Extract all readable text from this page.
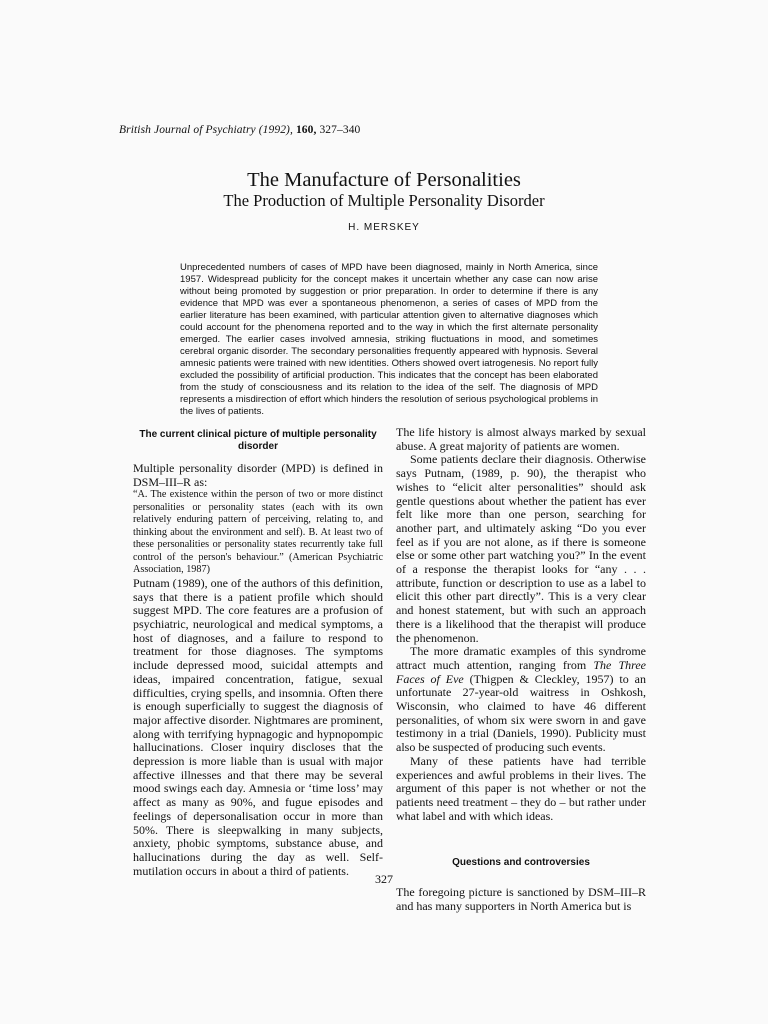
British Journal of Psychiatry (1992), 160, 327–340
The Manufacture of Personalities
The Production of Multiple Personality Disorder
H. MERSKEY
Unprecedented numbers of cases of MPD have been diagnosed, mainly in North America, since 1957. Widespread publicity for the concept makes it uncertain whether any case can now arise without being promoted by suggestion or prior preparation. In order to determine if there is any evidence that MPD was ever a spontaneous phenomenon, a series of cases of MPD from the earlier literature has been examined, with particular attention given to alternative diagnoses which could account for the phenomena reported and to the way in which the first alternate personality emerged. The earlier cases involved amnesia, striking fluctuations in mood, and sometimes cerebral organic disorder. The secondary personalities frequently appeared with hypnosis. Several amnesic patients were trained with new identities. Others showed overt iatrogenesis. No report fully excluded the possibility of artificial production. This indicates that the concept has been elaborated from the study of consciousness and its relation to the idea of the self. The diagnosis of MPD represents a misdirection of effort which hinders the resolution of serious psychological problems in the lives of patients.
The current clinical picture of multiple personality disorder

Multiple personality disorder (MPD) is defined in DSM–III–R as:

“A. The existence within the person of two or more distinct personalities or personality states (each with its own relatively enduring pattern of perceiving, relating to, and thinking about the environment and self). B. At least two of these personalities or personality states recurrently take full control of the person's behaviour.” (American Psychiatric Association, 1987)

Putnam (1989), one of the authors of this definition, says that there is a patient profile which should suggest MPD. The core features are a profusion of psychiatric, neurological and medical symptoms, a host of diagnoses, and a failure to respond to treatment for those diagnoses. The symptoms include depressed mood, suicidal attempts and ideas, impaired concentration, fatigue, sexual difficulties, crying spells, and insomnia. Often there is enough superficially to suggest the diagnosis of major affective disorder. Nightmares are prominent, along with terrifying hypnagogic and hypnopompic hallucinations. Closer inquiry discloses that the depression is more liable than is usual with major affective illnesses and that there may be several mood swings each day. Amnesia or ‘time loss’ may affect as many as 90%, and fugue episodes and feelings of depersonalisation occur in more than 50%. There is sleepwalking in many subjects, anxiety, phobic symptoms, substance abuse, and hallucinations during the day as well. Self-mutilation occurs in about a third of patients.

The life history is almost always marked by sexual abuse. A great majority of patients are women.

Some patients declare their diagnosis. Otherwise says Putnam, (1989, p. 90), the therapist who wishes to “elicit alter personalities” should ask gentle questions about whether the patient has ever felt like more than one person, searching for another part, and ultimately asking “Do you ever feel as if you are not alone, as if there is someone else or some other part watching you?” In the event of a response the therapist looks for “any . . . attribute, function or description to use as a label to elicit this other part directly”. This is a very clear and honest statement, but with such an approach there is a likelihood that the therapist will produce the phenomenon.

The more dramatic examples of this syndrome attract much attention, ranging from The Three Faces of Eve (Thigpen & Cleckley, 1957) to an unfortunate 27-year-old waitress in Oshkosh, Wisconsin, who claimed to have 46 different personalities, of whom six were sworn in and gave testimony in a trial (Daniels, 1990). Publicity must also be suspected of producing such events.

Many of these patients have had terrible experiences and awful problems in their lives. The argument of this paper is not whether or not the patients need treatment – they do – but rather under what label and with which ideas.

Questions and controversies

The foregoing picture is sanctioned by DSM–III–R and has many supporters in North America but is

327
